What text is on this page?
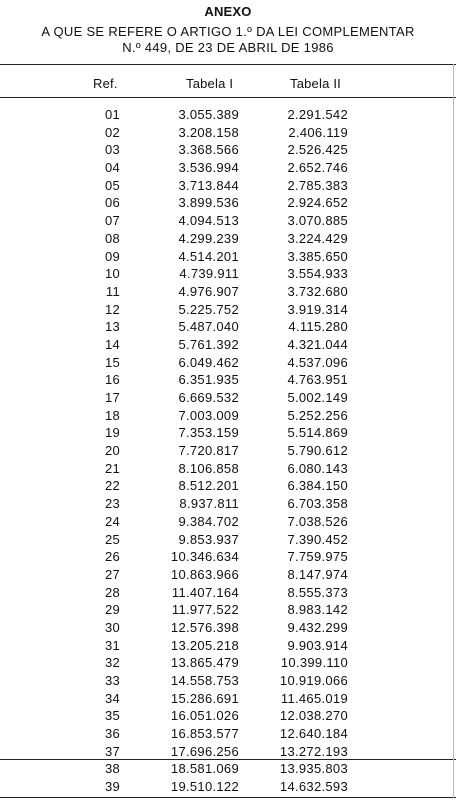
ANEXO
A QUE SE REFERE O ARTIGO 1.º DA LEI COMPLEMENTAR
N.º 449, DE 23 DE ABRIL DE 1986
Ref.	Tabela I	Tabela II
01	3.055.389	2.291.542
02	3.208.158	2.406.119
03	3.368.566	2.526.425
04	3.536.994	2.652.746
05	3.713.844	2.785.383
06	3.899.536	2.924.652
07	4.094.513	3.070.885
08	4.299.239	3.224.429
09	4.514.201	3.385.650
10	4.739.911	3.554.933
11	4.976.907	3.732.680
12	5.225.752	3.919.314
13	5.487.040	4.115.280
14	5.761.392	4.321.044
15	6.049.462	4.537.096
16	6.351.935	4.763.951
17	6.669.532	5.002.149
18	7.003.009	5.252.256
19	7.353.159	5.514.869
20	7.720.817	5.790.612
21	8.106.858	6.080.143
22	8.512.201	6.384.150
23	8.937.811	6.703.358
24	9.384.702	7.038.526
25	9.853.937	7.390.452
26	10.346.634	7.759.975
27	10.863.966	8.147.974
28	11.407.164	8.555.373
29	11.977.522	8.983.142
30	12.576.398	9.432.299
31	13.205.218	9.903.914
32	13.865.479	10.399.110
33	14.558.753	10.919.066
34	15.286.691	11.465.019
35	16.051.026	12.038.270
36	16.853.577	12.640.184
37	17.696.256	13.272.193
38	18.581.069	13.935.803
39	19.510.122	14.632.593
